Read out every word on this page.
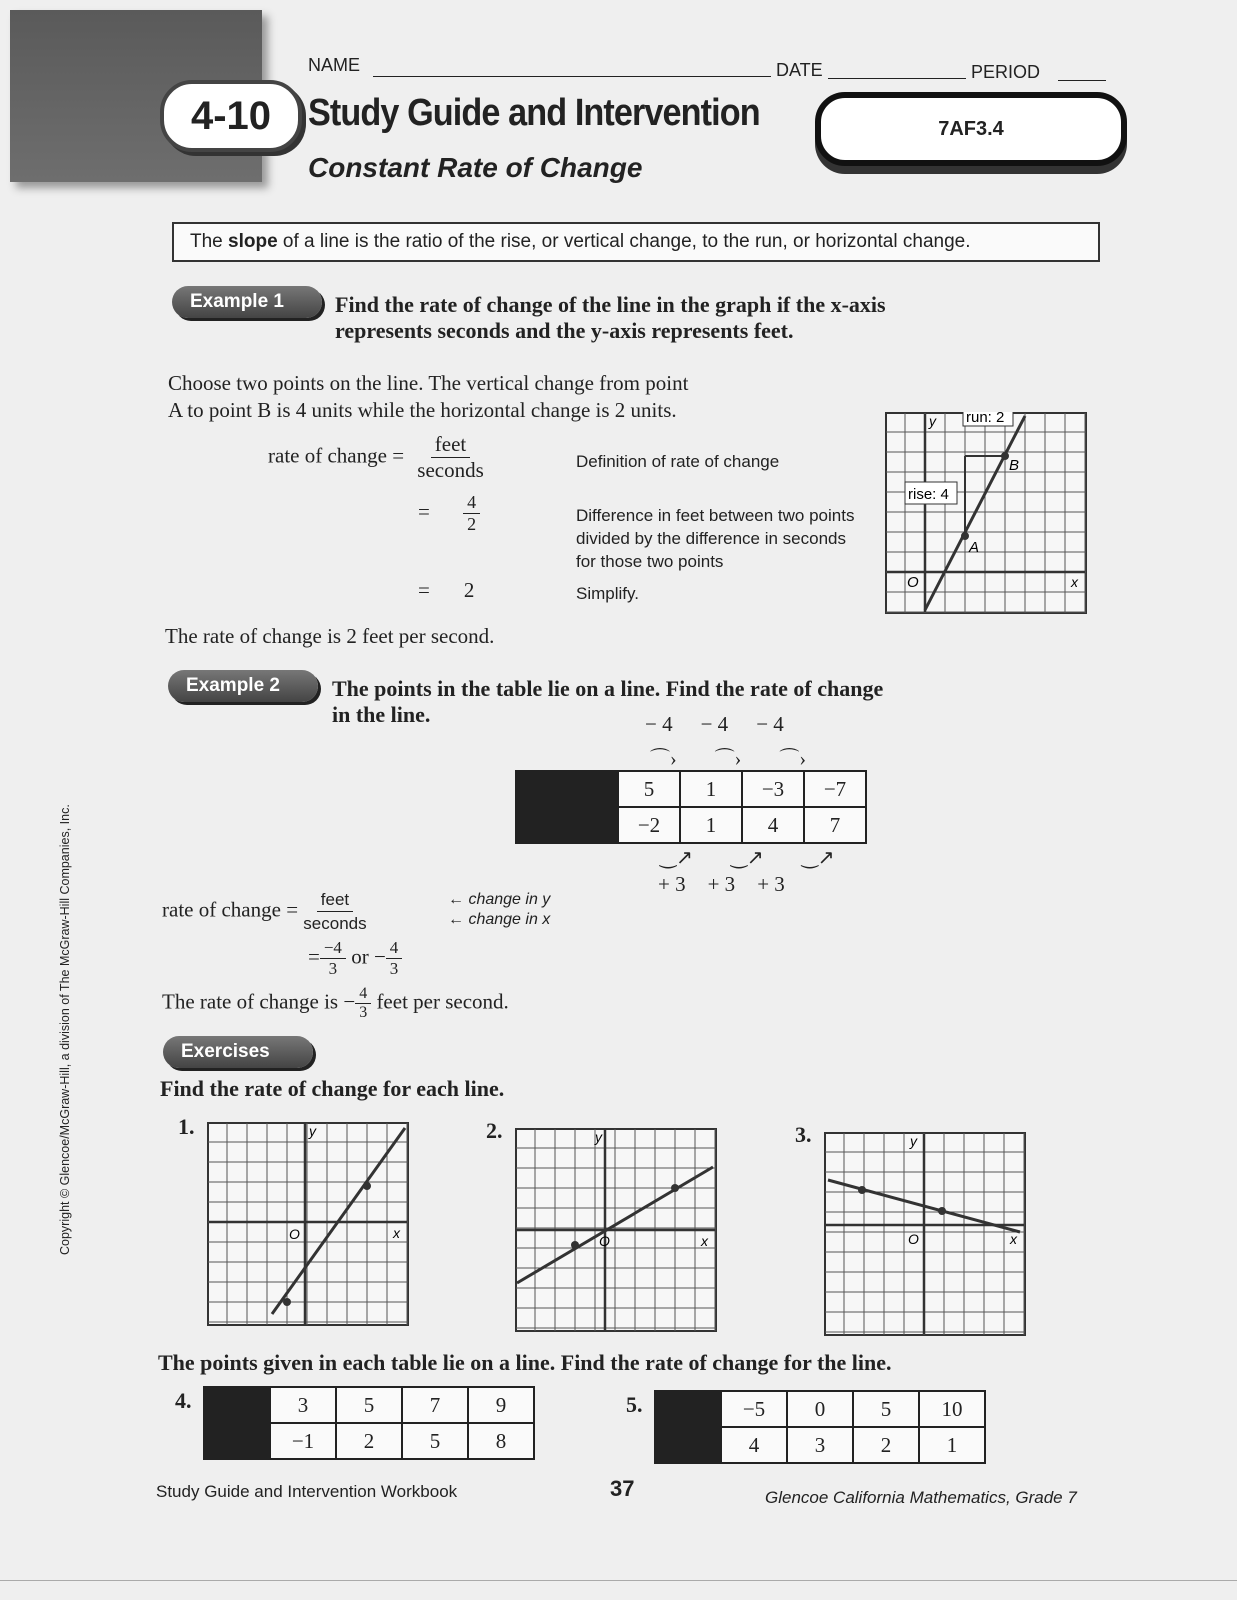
4-10
NAME	DATE	PERIOD
Study Guide and Intervention
Constant Rate of Change
7AF3.4
The slope of a line is the ratio of the rise, or vertical change, to the run, or horizontal change.
Example 1	Find the rate of change of the line in the graph if the x-axis
represents seconds and the y-axis represents feet.
Choose two points on the line. The vertical change from point
A to point B is 4 units while the horizontal change is 2 units.
rate of change = $\frac{\text{feet}}{\text{seconds}}$
= $\frac{4}{2}$
= 2
Definition of rate of change
Difference in feet between two points
divided by the difference in seconds
for those two points
Simplify.
The rate of change is 2 feet per second.
y
x
O
A
B
run: 2
rise: 4
Example 2	The points in the table lie on a line. Find the rate of change
in the line.	− 4 − 4 − 4
⌒› ⌒› ⌒›
	5	1	−3	−7
	−2	1	4	7
‿↗ ‿↗ ‿↗
+ 3 + 3 + 3
rate of change = $\frac{\text{feet}}{\text{seconds}}$	← change in y
← change in x
= $\frac{-4}{3}$ or − $\frac{4}{3}$
The rate of change is − $\frac{4}{3}$ feet per second.
Exercises
Find the rate of change for each line.
1.	y
x
O
2.	y
x
O
3.	y
x
O
The points given in each table lie on a line. Find the rate of change for the line.
4.
		3	5	7	9
	−1	2	5	8
5.
		−5	0	5	10
	4	3	2	1
Study Guide and Intervention Workbook	37	Glencoe California Mathematics, Grade 7
Copyright © Glencoe/McGraw-Hill, a division of The McGraw-Hill Companies, Inc.
